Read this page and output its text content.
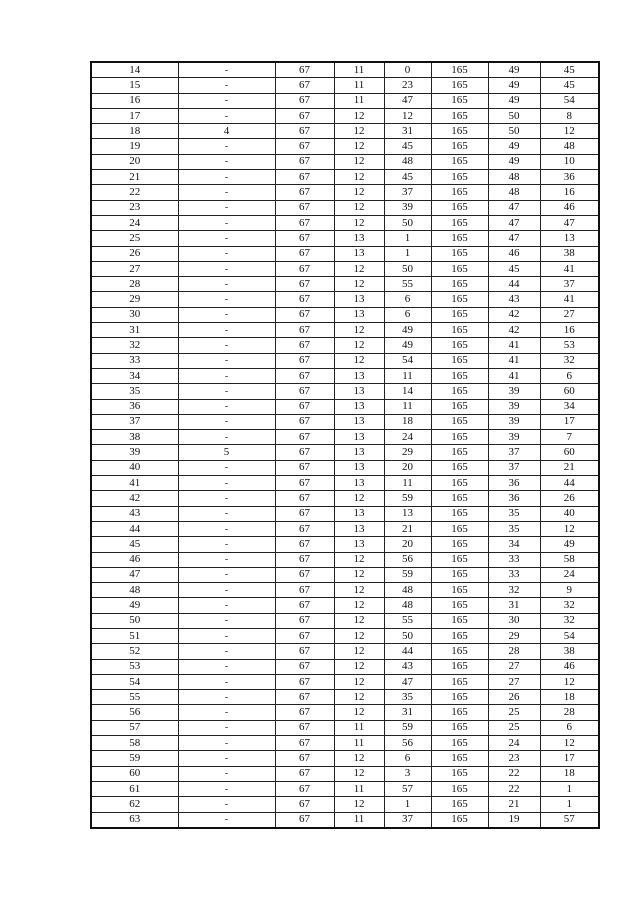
14	-	67	11	0	165	49	45
15	-	67	11	23	165	49	45
16	-	67	11	47	165	49	54
17	-	67	12	12	165	50	8
18	4	67	12	31	165	50	12
19	-	67	12	45	165	49	48
20	-	67	12	48	165	49	10
21	-	67	12	45	165	48	36
22	-	67	12	37	165	48	16
23	-	67	12	39	165	47	46
24	-	67	12	50	165	47	47
25	-	67	13	1	165	47	13
26	-	67	13	1	165	46	38
27	-	67	12	50	165	45	41
28	-	67	12	55	165	44	37
29	-	67	13	6	165	43	41
30	-	67	13	6	165	42	27
31	-	67	12	49	165	42	16
32	-	67	12	49	165	41	53
33	-	67	12	54	165	41	32
34	-	67	13	11	165	41	6
35	-	67	13	14	165	39	60
36	-	67	13	11	165	39	34
37	-	67	13	18	165	39	17
38	-	67	13	24	165	39	7
39	5	67	13	29	165	37	60
40	-	67	13	20	165	37	21
41	-	67	13	11	165	36	44
42	-	67	12	59	165	36	26
43	-	67	13	13	165	35	40
44	-	67	13	21	165	35	12
45	-	67	13	20	165	34	49
46	-	67	12	56	165	33	58
47	-	67	12	59	165	33	24
48	-	67	12	48	165	32	9
49	-	67	12	48	165	31	32
50	-	67	12	55	165	30	32
51	-	67	12	50	165	29	54
52	-	67	12	44	165	28	38
53	-	67	12	43	165	27	46
54	-	67	12	47	165	27	12
55	-	67	12	35	165	26	18
56	-	67	12	31	165	25	28
57	-	67	11	59	165	25	6
58	-	67	11	56	165	24	12
59	-	67	12	6	165	23	17
60	-	67	12	3	165	22	18
61	-	67	11	57	165	22	1
62	-	67	12	1	165	21	1
63	-	67	11	37	165	19	57
